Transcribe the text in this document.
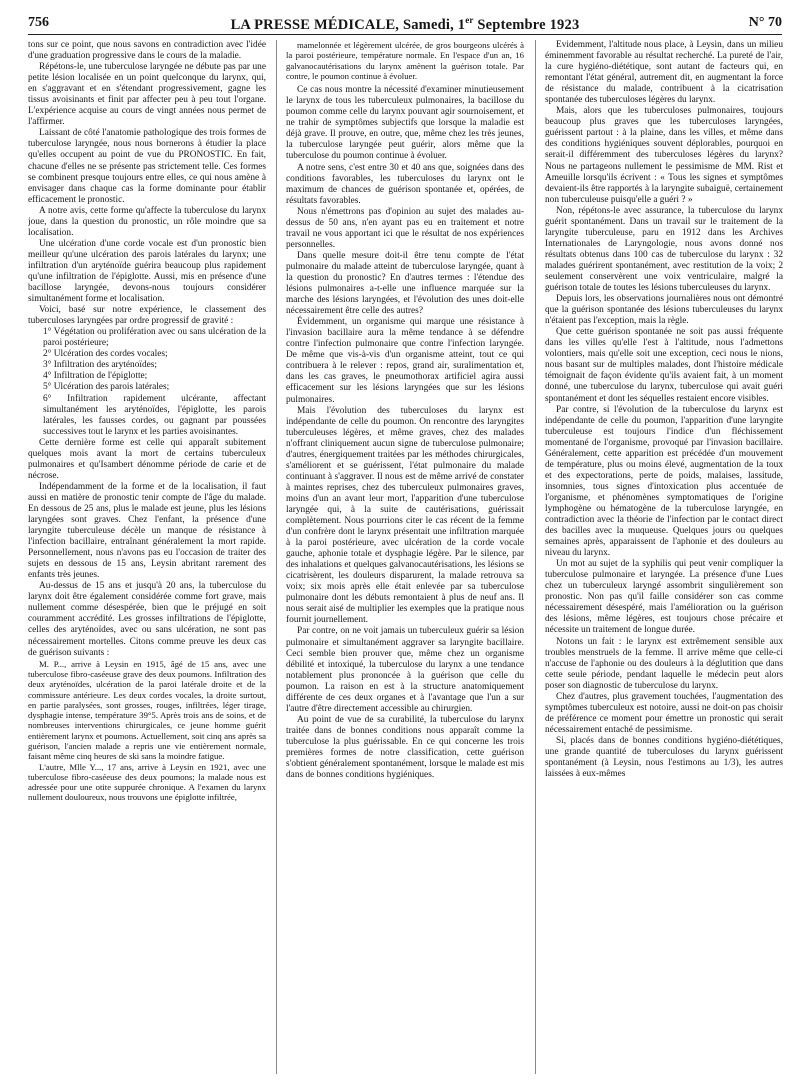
756	LA PRESSE MÉDICALE, Samedi, 1er Septembre 1923	N° 70

tons sur ce point, que nous savons en contradiction avec l'idée d'une graduation progressive dans le cours de la maladie.

Répétons-le, une tuberculose laryngée ne débute pas par une petite lésion localisée en un point quelconque du larynx, qui, en s'aggravant et en s'étendant progressivement, gagne les tissus avoisinants et finit par affecter peu à peu tout l'organe. L'expérience acquise au cours de vingt années nous permet de l'affirmer.

Laissant de côté l'anatomie pathologique des trois formes de tuberculose laryngée, nous nous bornerons à étudier la place qu'elles occupent au point de vue du PRONOSTIC. En fait, chacune d'elles ne se présente pas strictement telle. Ces formes se combinent presque toujours entre elles, ce qui nous amène à envisager dans chaque cas la forme dominante pour établir efficacement le pronostic.

A notre avis, cette forme qu'affecte la tuberculose du larynx joue, dans la question du pronostic, un rôle moindre que sa localisation.

Une ulcération d'une corde vocale est d'un pronostic bien meilleur qu'une ulcération des parois latérales du larynx; une infiltration d'un aryténoïde guérira beaucoup plus rapidement qu'une infiltration de l'épiglotte. Aussi, mis en présence d'une bacillose laryngée, devons-nous toujours considérer simultanément forme et localisation.

Voici, basé sur notre expérience, le classement des tuberculoses laryngées par ordre progressif de gravité :

1° Végétation ou prolifération avec ou sans ulcération de la paroi postérieure;

2° Ulcération des cordes vocales;

3° Infiltration des aryténoïdes;

4° Infiltration de l'épiglotte;

5° Ulcération des parois latérales;

6° Infiltration rapidement ulcérante, affectant simultanément les aryténoïdes, l'épiglotte, les parois latérales, les fausses cordes, ou gagnant par poussées successives tout le larynx et les parties avoisinantes.

Cette dernière forme est celle qui apparaît subitement quelques mois avant la mort de certains tuberculeux pulmonaires et qu'Isambert dénomme période de carie et de nécrose.

Indépendamment de la forme et de la localisation, il faut aussi en matière de pronostic tenir compte de l'âge du malade. En dessous de 25 ans, plus le malade est jeune, plus les lésions laryngées sont graves. Chez l'enfant, la présence d'une laryngite tuberculeuse décèle un manque de résistance à l'infection bacillaire, entraînant généralement la mort rapide. Personnellement, nous n'avons pas eu l'occasion de traiter des sujets en dessous de 15 ans, Leysin abritant rarement des enfants très jeunes.

Au-dessus de 15 ans et jusqu'à 20 ans, la tuberculose du larynx doit être également considérée comme fort grave, mais nullement comme désespérée, bien que le préjugé en soit couramment accrédité. Les grosses infiltrations de l'épiglotte, celles des aryténoïdes, avec ou sans ulcération, ne sont pas nécessairement mortelles. Citons comme preuve les deux cas de guérison suivants :

M. P..., arrive à Leysin en 1915, âgé de 15 ans, avec une tuberculose fibro-caséeuse grave des deux poumons. Infiltration des deux aryténoïdes, ulcération de la paroi latérale droite et de la commissure antérieure. Les deux cordes vocales, la droite surtout, en partie paralysées, sont grosses, rouges, infiltrées, léger tirage, dysphagie intense, température 39°5. Après trois ans de soins, et de nombreuses interventions chirurgicales, ce jeune homme guérit entièrement larynx et poumons. Actuellement, soit cinq ans après sa guérison, l'ancien malade a repris une vie entièrement normale, faisant même cinq heures de ski sans la moindre fatigue.

L'autre, Mlle Y..., 17 ans, arrive à Leysin en 1921, avec une tuberculose fibro-caséeuse des deux poumons; la malade nous est adressée pour une otite suppurée chronique. A l'examen du larynx nullement douloureux, nous trouvons une épiglotte infiltrée,

mamelonnée et légèrement ulcérée, de gros bourgeons ulcérés à la paroi postérieure, température normale. En l'espace d'un an, 16 galvanocautérisations du larynx amènent la guérison totale. Par contre, le poumon continue à évoluer.

Ce cas nous montre la nécessité d'examiner minutieusement le larynx de tous les tuberculeux pulmonaires, la bacillose du poumon comme celle du larynx pouvant agir sournoisement, et ne trahir de symptômes subjectifs que lorsque la maladie est déjà grave. Il prouve, en outre, que, même chez les très jeunes, la tuberculose laryngée peut guérir, alors même que la tuberculose du poumon continue à évoluer.

A notre sens, c'est entre 30 et 40 ans que, soignées dans des conditions favorables, les tuberculoses du larynx ont le maximum de chances de guérison spontanée et, opérées, de résultats favorables.

Nous n'émettrons pas d'opinion au sujet des malades au-dessus de 50 ans, n'en ayant pas eu en traitement et notre travail ne vous apportant ici que le résultat de nos expériences personnelles.

Dans quelle mesure doit-il être tenu compte de l'état pulmonaire du malade atteint de tuberculose laryngée, quant à la question du pronostic? En d'autres termes : l'étendue des lésions pulmonaires a-t-elle une influence marquée sur la marche des lésions laryngées, et l'évolution des unes doit-elle nécessairement être celle des autres?

Évidemment, un organisme qui marque une résistance à l'invasion bacillaire aura la même tendance à se défendre contre l'infection pulmonaire que contre l'infection laryngée. De même que vis-à-vis d'un organisme atteint, tout ce qui contribuera à le relever : repos, grand air, suralimentation et, dans les cas graves, le pneumothorax artificiel agira aussi efficacement sur les lésions laryngées que sur les lésions pulmonaires.

Mais l'évolution des tuberculoses du larynx est indépendante de celle du poumon. On rencontre des laryngites tuberculeuses légères, et même graves, chez des malades n'offrant cliniquement aucun signe de tuberculose pulmonaire; d'autres, énergiquement traitées par les méthodes chirurgicales, s'améliorent et se guérissent, l'état pulmonaire du malade continuant à s'aggraver. Il nous est de même arrivé de constater à maintes reprises, chez des tuberculeux pulmonaires graves, moins d'un an avant leur mort, l'apparition d'une tuberculose laryngée qui, à la suite de cautérisations, guérissait complètement. Nous pourrions citer le cas récent de la femme d'un confrère dont le larynx présentait une infiltration marquée à la paroi postérieure, avec ulcération de la corde vocale gauche, aphonie totale et dysphagie légère. Par le silence, par des inhalations et quelques galvanocautérisations, les lésions se cicatrisèrent, les douleurs disparurent, la malade retrouva sa voix; six mois après elle était enlevée par sa tuberculose pulmonaire dont les débuts remontaient à plus de neuf ans. Il nous serait aisé de multiplier les exemples que la pratique nous fournit journellement.

Par contre, on ne voit jamais un tuberculeux guérir sa lésion pulmonaire et simultanément aggraver sa laryngite bacillaire. Ceci semble bien prouver que, même chez un organisme débilité et intoxiqué, la tuberculose du larynx a une tendance notablement plus prononcée à la guérison que celle du poumon. La raison en est à la structure anatomiquement différente de ces deux organes et à l'avantage que l'un a sur l'autre d'être directement accessible au chirurgien.

Au point de vue de sa curabilité, la tuberculose du larynx traitée dans de bonnes conditions nous apparaît comme la tuberculose la plus guérissable. En ce qui concerne les trois premières formes de notre classification, cette guérison s'obtient généralement spontanément, lorsque le malade est mis dans de bonnes conditions hygiéniques.

Évidemment, l'altitude nous place, à Leysin, dans un milieu éminemment favorable au résultat recherché. La pureté de l'air, la cure hygiéno-diététique, sont autant de facteurs qui, en remontant l'état général, autrement dit, en augmentant la force de résistance du malade, contribuent à la cicatrisation spontanée des tuberculoses légères du larynx.

Mais, alors que les tuberculoses pulmonaires, toujours beaucoup plus graves que les tuberculoses laryngées, guérissent partout : à la plaine, dans les villes, et même dans des conditions hygiéniques souvent déplorables, pourquoi en serait-il différemment des tuberculoses légères du larynx? Nous ne partageons nullement le pessimisme de MM. Rist et Ameuille lorsqu'ils écrivent : « Tous les signes et symptômes devaient-ils être rapportés à la laryngite subaiguë, certainement non tuberculeuse puisqu'elle a guéri ? »

Non, répétons-le avec assurance, la tuberculose du larynx guérit spontanément. Dans un travail sur le traitement de la laryngite tuberculeuse, paru en 1912 dans les Archives Internationales de Laryngologie, nous avons donné nos résultats obtenus dans 100 cas de tuberculose du larynx : 32 malades guérirent spontanément, avec restitution de la voix; 2 seulement conservèrent une voix ventriculaire, malgré la guérison totale de toutes les lésions tuberculeuses du larynx.

Depuis lors, les observations journalières nous ont démontré que la guérison spontanée des lésions tuberculeuses du larynx n'étaient pas l'exception, mais la règle.

Que cette guérison spontanée ne soit pas aussi fréquente dans les villes qu'elle l'est à l'altitude, nous l'admettons volontiers, mais qu'elle soit une exception, ceci nous le nions, nous basant sur de multiples malades, dont l'histoire médicale témoignait de façon évidente qu'ils avaient fait, à un moment donné, une tuberculose du larynx, tuberculose qui avait guéri spontanément et dont les séquelles restaient encore visibles.

Par contre, si l'évolution de la tuberculose du larynx est indépendante de celle du poumon, l'apparition d'une laryngite tuberculeuse est toujours l'indice d'un fléchissement momentané de l'organisme, provoqué par l'invasion bacillaire. Généralement, cette apparition est précédée d'un mouvement de température, plus ou moins élevé, augmentation de la toux et des expectorations, perte de poids, malaises, lassitude, insomnies, tous signes d'intoxication plus accentuée de l'organisme, et phénomènes symptomatiques de l'origine lymphogène ou hématogène de la tuberculose laryngée, en contradiction avec la théorie de l'infection par le contact direct des bacilles avec la muqueuse. Quelques jours ou quelques semaines après, apparaissent de l'aphonie et des douleurs au niveau du larynx.

Un mot au sujet de la syphilis qui peut venir compliquer la tuberculose pulmonaire et laryngée. La présence d'une Lues chez un tuberculeux laryngé assombrit singulièrement son pronostic. Non pas qu'il faille considérer son cas comme nécessairement désespéré, mais l'amélioration ou la guérison des lésions, même légères, est toujours chose précaire et nécessite un traitement de longue durée.

Notons un fait : le larynx est extrêmement sensible aux troubles menstruels de la femme. Il arrive même que celle-ci n'accuse de l'aphonie ou des douleurs à la déglutition que dans cette seule période, pendant laquelle le médecin peut alors poser son diagnostic de tuberculose du larynx.

Chez d'autres, plus gravement touchées, l'augmentation des symptômes tuberculeux est notoire, aussi ne doit-on pas choisir de préférence ce moment pour émettre un pronostic qui serait nécessairement entaché de pessimisme.

Si, placés dans de bonnes conditions hygiéno-diététiques, une grande quantité de tuberculoses du larynx guérissent spontanément (à Leysin, nous l'estimons au 1/3), les autres laissées à eux-mêmes
